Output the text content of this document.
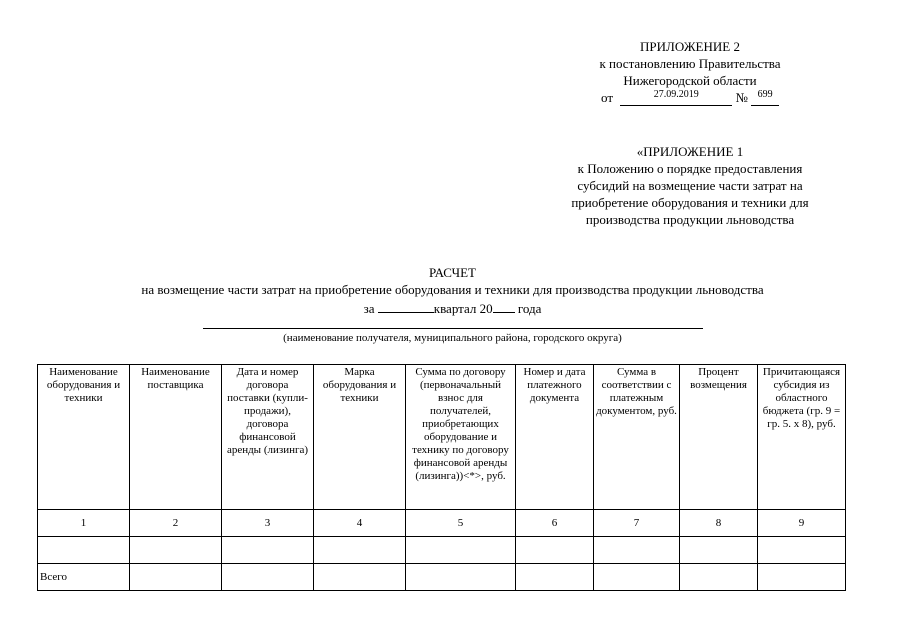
ПРИЛОЖЕНИЕ 2
к постановлению Правительства
Нижегородской области
от	$^{27.09.2019}$	№ $^{699}$
«ПРИЛОЖЕНИЕ 1
к Положению о порядке предоставления
субсидий на возмещение части затрат на
приобретение оборудования и техники для
производства продукции льноводства
РАСЧЕТ
на возмещение части затрат на приобретение оборудования и техники для производства продукции льноводства
за	квартал 20 года
(наименование получателя, муниципального района, городского округа)
Наименование оборудования и техники	Наименование поставщика	Дата и номер договора поставки (купли-продажи), договора финансовой аренды (лизинга)	Марка оборудования и техники	Сумма по договору (первоначальный взнос для получателей, приобретающих оборудование и технику по договору финансовой аренды (лизинга))<*>, руб.	Номер и дата платежного документа	Сумма в соответствии с платежным документом, руб.	Процент возмещения	Причитающаяся субсидия из областного бюджета (гр. 9 = гр. 5. x 8), руб.
1	2	3	4	5	6	7	8	9

Всего								
